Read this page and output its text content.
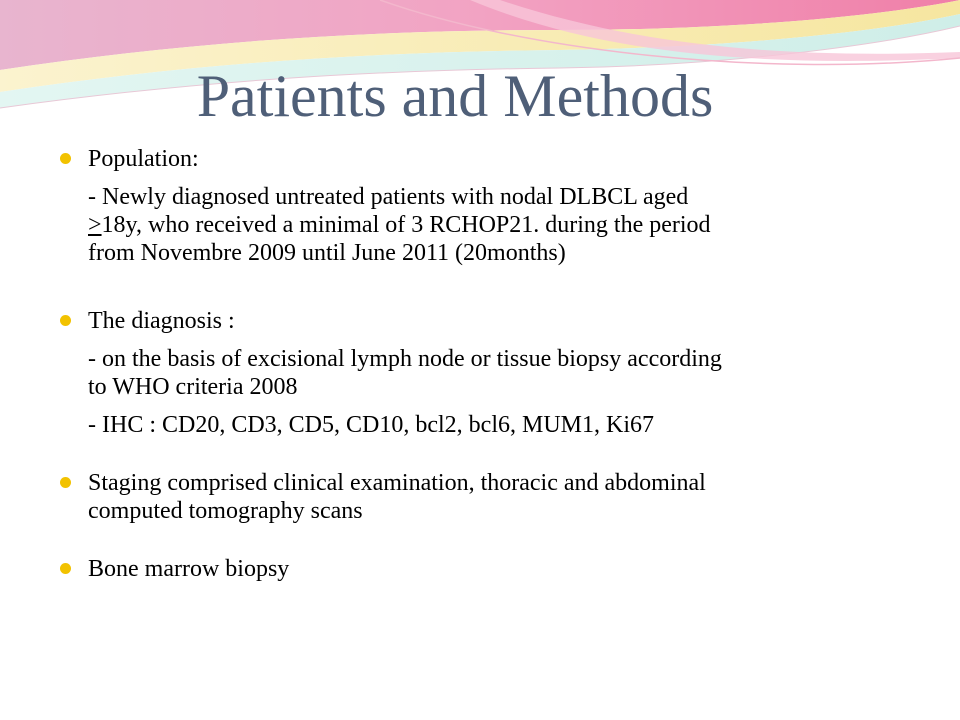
Patients and Methods

Population:

- Newly diagnosed untreated patients with nodal DLBCL aged
≥18y, who received a minimal of 3 RCHOP21. during the period
from Novembre 2009 until June 2011 (20months)

The diagnosis :

- on the basis of excisional lymph node or tissue biopsy according
to WHO criteria 2008

- IHC : CD20, CD3, CD5, CD10, bcl2, bcl6, MUM1, Ki67

Staging comprised clinical examination, thoracic and abdominal
computed tomography scans

Bone marrow biopsy
